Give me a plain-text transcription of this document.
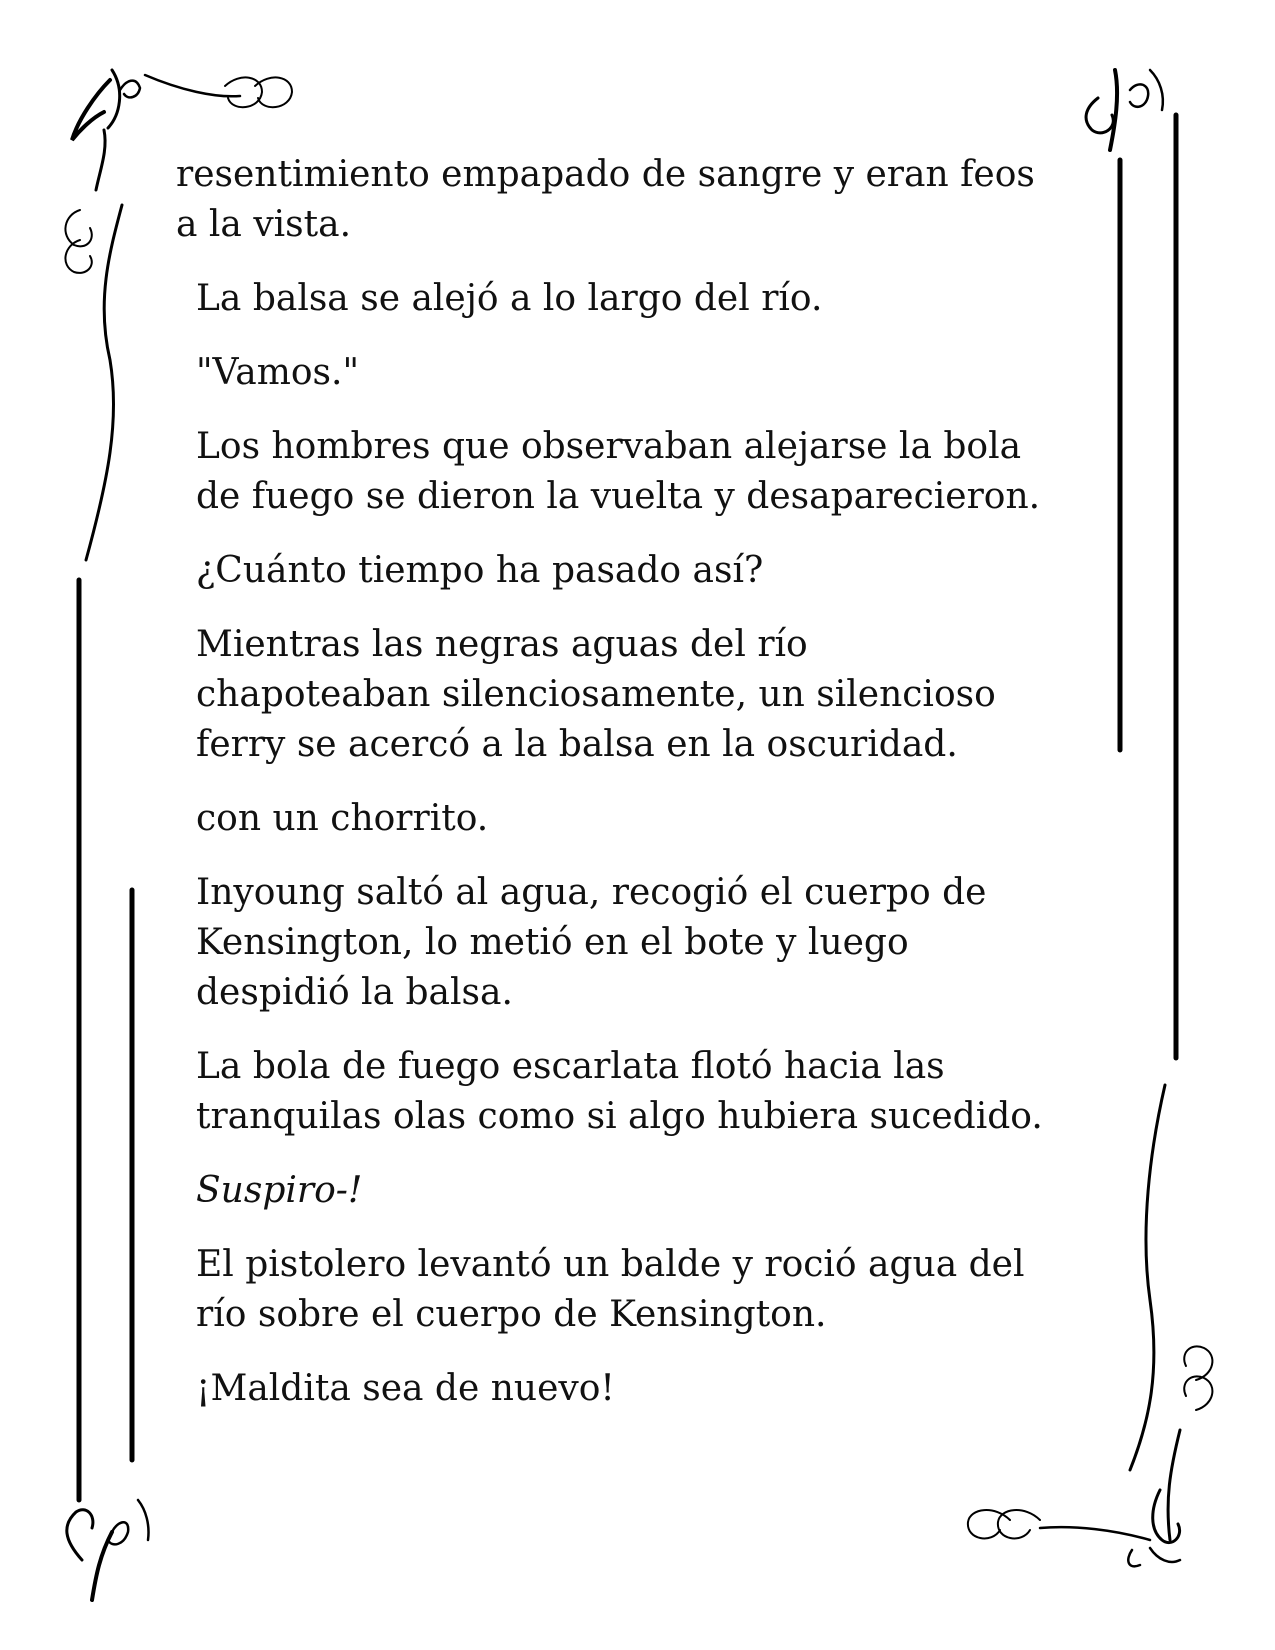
resentimiento empapado de sangre y eran feos
a la vista.
La balsa se alejó a lo largo del río.
"Vamos."
Los hombres que observaban alejarse la bola
de fuego se dieron la vuelta y desaparecieron.
¿Cuánto tiempo ha pasado así?
Mientras las negras aguas del río
chapoteaban silenciosamente, un silencioso
ferry se acercó a la balsa en la oscuridad.
con un chorrito.
Inyoung saltó al agua, recogió el cuerpo de
Kensington, lo metió en el bote y luego
despidió la balsa.
La bola de fuego escarlata flotó hacia las
tranquilas olas como si algo hubiera sucedido.
Suspiro-!
El pistolero levantó un balde y roció agua del
río sobre el cuerpo de Kensington.
¡Maldita sea de nuevo!
